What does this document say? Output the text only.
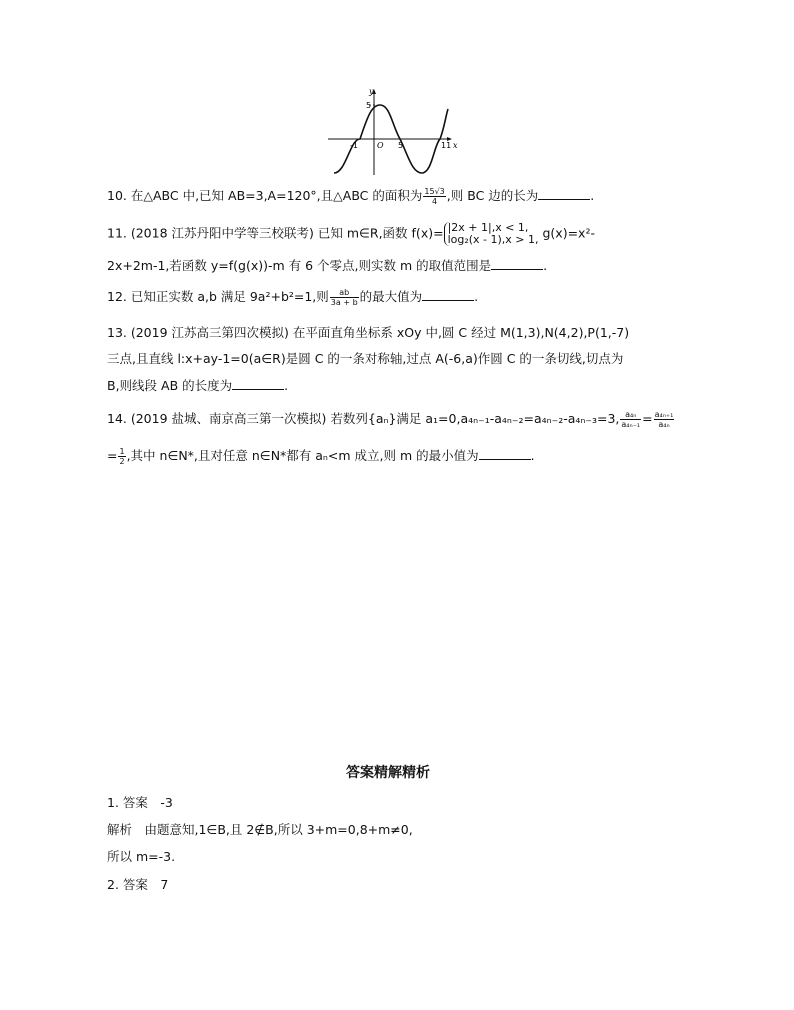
y
x
5
-1 O 5	11
10. 在△ABC 中,已知 AB=3,A=120°,且△ABC 的面积为 $\frac{15√3}{4}$ ,则 BC 边的长为	.
11. (2018 江苏丹阳中学等三校联考) 已知 m∈R,函数 f(x)= |2x + 1|,x < 1,
log₂(x - 1),x > 1, g(x)=x²-
2x+2m-1,若函数 y=f(g(x))-m 有 6 个零点,则实数 m 的取值范围是	.
12. 已知正实数 a,b 满足 9a²+b²=1,则 $\frac{ab}{3a + b}$ 的最大值为	.
13. (2019 江苏高三第四次模拟) 在平面直角坐标系 xOy 中,圆 C 经过 M(1,3),N(4,2),P(1,-7)
三点,且直线 l:x+ay-1=0(a∈R)是圆 C 的一条对称轴,过点 A(-6,a)作圆 C 的一条切线,切点为
B,则线段 AB 的长度为	.
14. (2019 盐城、南京高三第一次模拟) 若数列{aₙ}满足 a₁=0,a₄ₙ₋₁-a₄ₙ₋₂=a₄ₙ₋₂-a₄ₙ₋₃=3, $\frac{\text{a₄ₙ}}{\text{a₄ₙ₋₁}} = \frac{\text{a₄ₙ₊₁}}{\text{a₄ₙ}}$
= $\frac{1}{2}$ ,其中 n∈N*,且对任意 n∈N*都有 aₙ<m 成立,则 m 的最小值为	.
答案精解精析
1. 答案　-3
解析　由题意知,1∈B,且 2∉B,所以 3+m=0,8+m≠0,
所以 m=-3.
2. 答案　7
